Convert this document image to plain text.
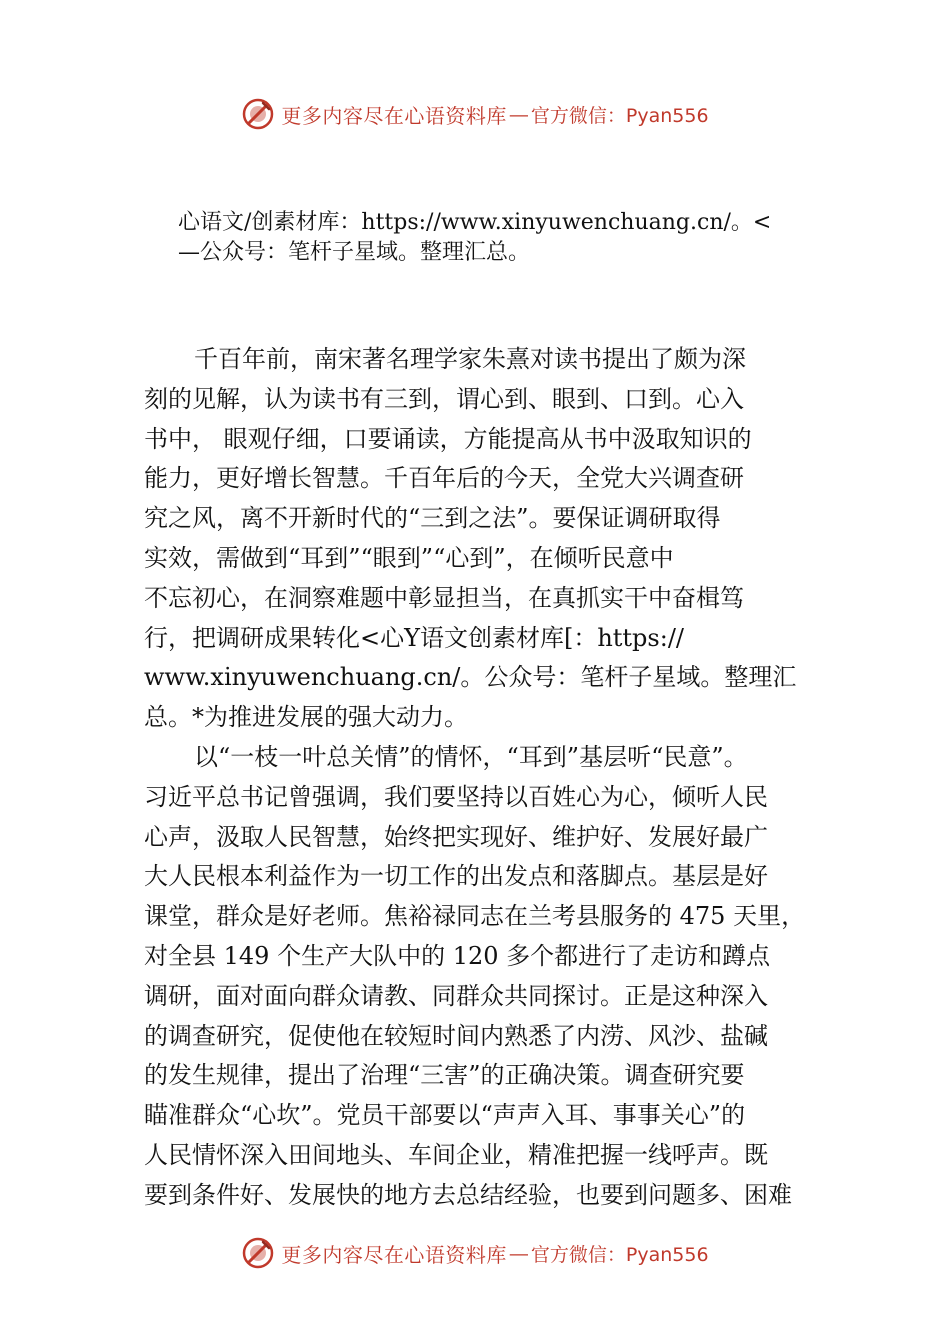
更多内容尽在心语资料库 — 官方微信：Pyan556

心语文/创素材库：https://www.xinyuwenchuang.cn/。<

—公众号：笔杆子星域。整理汇总。

千百年前，南宋著名理学家朱熹对读书提出了颇为深

刻的见解，认为读书有三到，谓心到、眼到、口到。心入

书中， 眼观仔细，口要诵读，方能提高从书中汲取知识的

能力，更好增长智慧。千百年后的今天，全党大兴调查研

究之风，离不开新时代的“三到之法”。要保证调研取得

实效，需做到“耳到”“眼到”“心到”，在倾听民意中

不忘初心，在洞察难题中彰显担当，在真抓实干中奋楫笃

行，把调研成果转化<心Y语文创素材库[：https://

www.xinyuwenchuang.cn/。公众号：笔杆子星域。整理汇

总。*为推进发展的强大动力。

以“一枝一叶总关情”的情怀，“耳到”基层听“民意”。

习近平总书记曾强调，我们要坚持以百姓心为心，倾听人民

心声，汲取人民智慧，始终把实现好、维护好、发展好最广

大人民根本利益作为一切工作的出发点和落脚点。基层是好

课堂，群众是好老师。焦裕禄同志在兰考县服务的 475 天里，

对全县 149 个生产大队中的 120 多个都进行了走访和蹲点

调研，面对面向群众请教、同群众共同探讨。正是这种深入

的调查研究，促使他在较短时间内熟悉了内涝、风沙、盐碱

的发生规律，提出了治理“三害”的正确决策。调查研究要

瞄准群众“心坎”。党员干部要以“声声入耳、事事关心”的

人民情怀深入田间地头、车间企业，精准把握一线呼声。既

要到条件好、发展快的地方去总结经验，也要到问题多、困难

更多内容尽在心语资料库 — 官方微信：Pyan556
